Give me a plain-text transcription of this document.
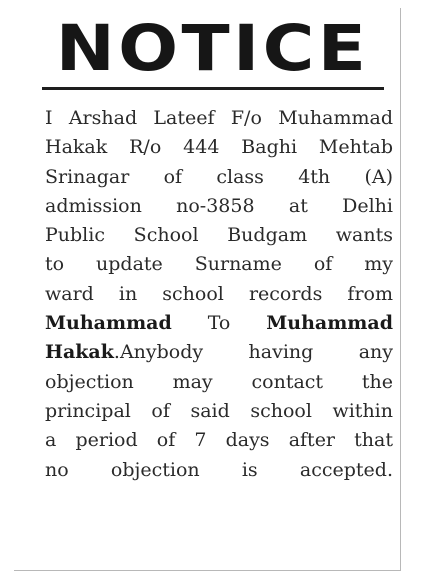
NOTICE
I Arshad Lateef F/o Muhammad
Hakak R/o 444 Baghi Mehtab
Srinagar of class 4th (A)
admission no-3858 at Delhi
Public School Budgam wants
to update Surname of my
ward in school records from
Muhammad To Muhammad
Hakak.Anybody having any
objection may contact the
principal of said school within
a period of 7 days after that
no objection is accepted.
